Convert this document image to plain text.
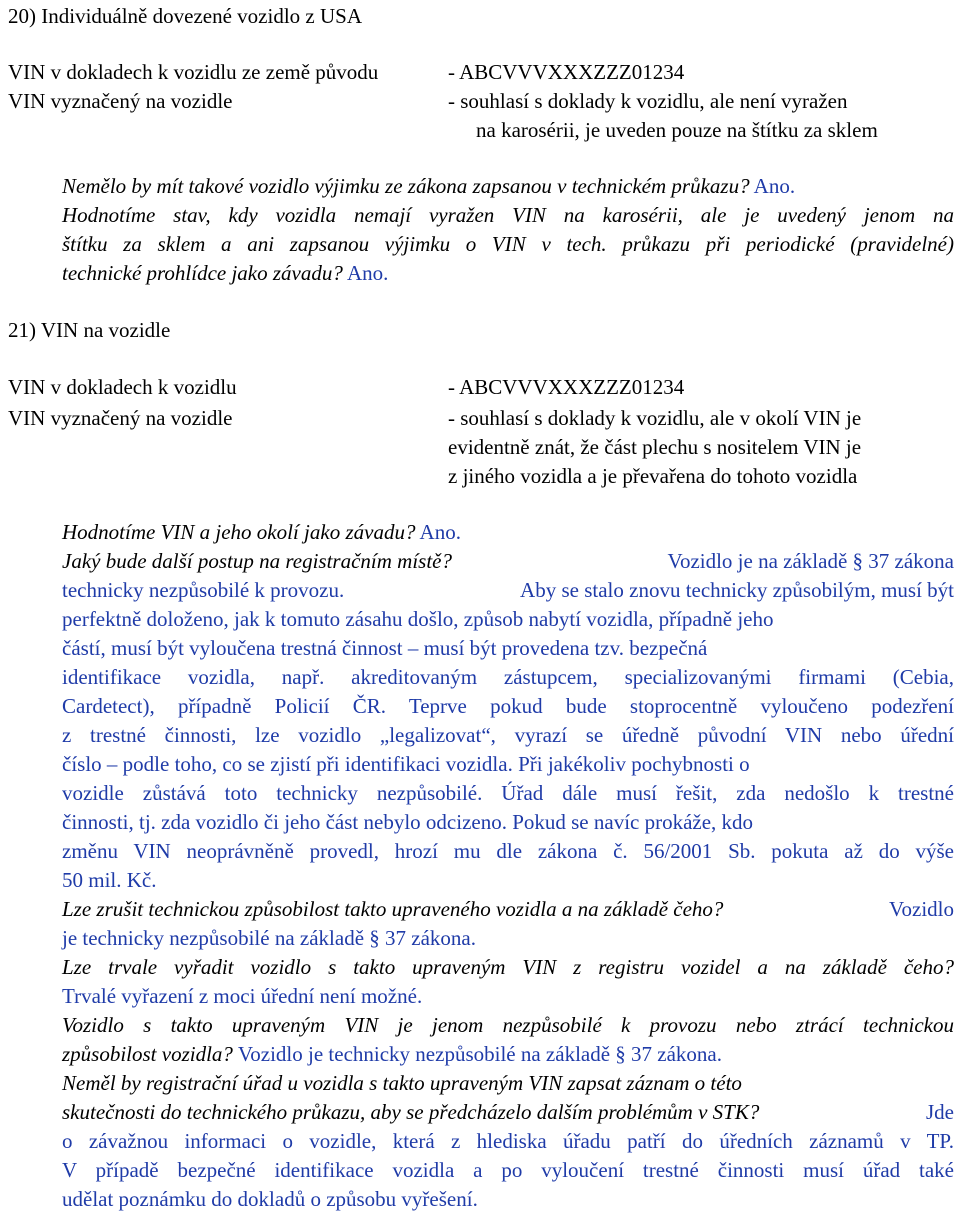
20) Individuálně dovezené vozidlo z USA
VIN v dokladech k vozidlu ze země původu	- ABCVVVXXXZZZ01234
VIN vyznačený na vozidle	- souhlasí s doklady k vozidlu, ale není vyražen
na karosérii, je uveden pouze na štítku za sklem
Nemělo by mít takové vozidlo výjimku ze zákona zapsanou v technickém průkazu? Ano.
Hodnotíme stav, kdy vozidla nemají vyražen VIN na karosérii, ale je uvedený jenom na
štítku za sklem a ani zapsanou výjimku o VIN v tech. průkazu při periodické (pravidelné)
technické prohlídce jako závadu? Ano.
21) VIN na vozidle
VIN v dokladech k vozidlu	- ABCVVVXXXZZZ01234
VIN vyznačený na vozidle	- souhlasí s doklady k vozidlu, ale v okolí VIN je
evidentně znát, že část plechu s nositelem VIN je
z jiného vozidla a je převařena do tohoto vozidla
Hodnotíme VIN a jeho okolí jako závadu? Ano.
Jaký bude další postup na registračním místě?	Vozidlo je na základě § 37 zákona
technicky nezpůsobilé k provozu.	Aby se stalo znovu technicky způsobilým, musí být
perfektně doloženo, jak k tomuto zásahu došlo, způsob nabytí vozidla, případně jeho
částí, musí být vyloučena trestná činnost – musí být provedena tzv. bezpečná
identifikace vozidla, např. akreditovaným zástupcem, specializovanými firmami (Cebia,
Cardetect), případně Policií ČR. Teprve pokud bude stoprocentně vyloučeno podezření
z trestné činnosti, lze vozidlo „legalizovat“, vyrazí se úředně původní VIN nebo úřední
číslo – podle toho, co se zjistí při identifikaci vozidla. Při jakékoliv pochybnosti o
vozidle zůstává toto technicky nezpůsobilé. Úřad dále musí řešit, zda nedošlo k trestné
činnosti, tj. zda vozidlo či jeho část nebylo odcizeno. Pokud se navíc prokáže, kdo
změnu VIN neoprávněně provedl, hrozí mu dle zákona č. 56/2001 Sb. pokuta až do výše
50 mil. Kč.
Lze zrušit technickou způsobilost takto upraveného vozidla a na základě čeho?	Vozidlo
je technicky nezpůsobilé na základě § 37 zákona.
Lze trvale vyřadit vozidlo s takto upraveným VIN z registru vozidel a na základě čeho?
Trvalé vyřazení z moci úřední není možné.
Vozidlo s takto upraveným VIN je jenom nezpůsobilé k provozu nebo ztrácí technickou
způsobilost vozidla? Vozidlo je technicky nezpůsobilé na základě § 37 zákona.
Neměl by registrační úřad u vozidla s takto upraveným VIN zapsat záznam o této
skutečnosti do technického průkazu, aby se předcházelo dalším problémům v STK?	Jde
o závažnou informaci o vozidle, která z hlediska úřadu patří do úředních záznamů v TP.
V případě bezpečné identifikace vozidla a po vyloučení trestné činnosti musí úřad také
udělat poznámku do dokladů o způsobu vyřešení.
